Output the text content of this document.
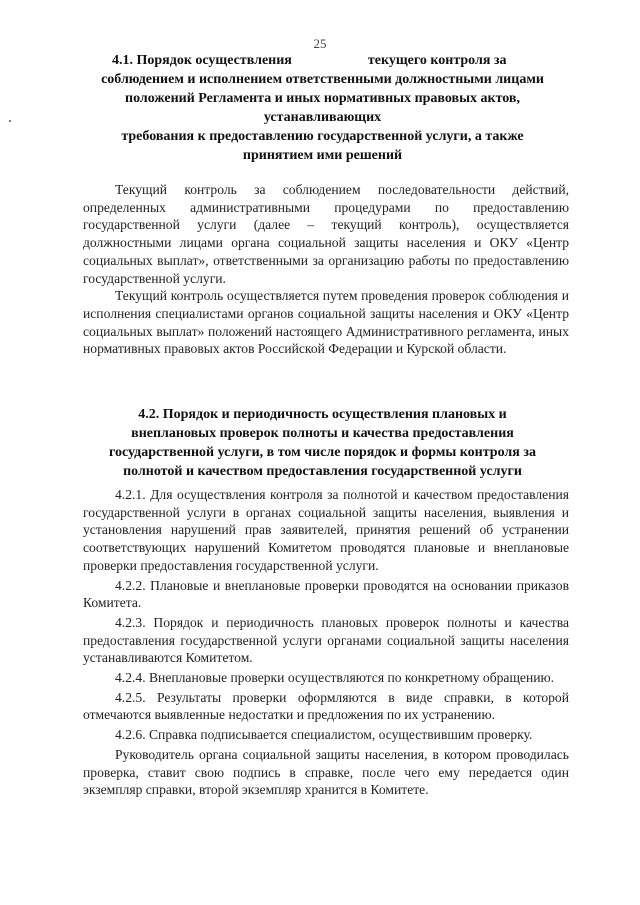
25
4.1. Порядок осуществления	текущего контроля за
соблюдением и исполнением ответственными должностными лицами
положений Регламента и иных нормативных правовых актов,
устанавливающих
требования к предоставлению государственной услуги, а также
принятием ими решений

Текущий контроль за соблюдением последовательности действий, определенных административными процедурами по предоставлению государственной услуги (далее – текущий контроль), осуществляется должностными лицами органа социальной защиты населения и ОКУ «Центр социальных выплат», ответственными за организацию работы по предоставлению государственной услуги.

Текущий контроль осуществляется путем проведения проверок соблюдения и исполнения специалистами органов социальной защиты населения и ОКУ «Центр социальных выплат» положений настоящего Административного регламента, иных нормативных правовых актов Российской Федерации и Курской области.

4.2. Порядок и периодичность осуществления плановых и
внеплановых проверок полноты и качества предоставления
государственной услуги, в том числе порядок и формы контроля за
полнотой и качеством предоставления государственной услуги

4.2.1. Для осуществления контроля за полнотой и качеством предоставления государственной услуги в органах социальной защиты населения, выявления и установления нарушений прав заявителей, принятия решений об устранении соответствующих нарушений Комитетом проводятся плановые и внеплановые проверки предоставления государственной услуги.

4.2.2. Плановые и внеплановые проверки проводятся на основании приказов Комитета.

4.2.3. Порядок и периодичность плановых проверок полноты и качества предоставления государственной услуги органами социальной защиты населения устанавливаются Комитетом.

4.2.4. Внеплановые проверки осуществляются по конкретному обращению.

4.2.5. Результаты проверки оформляются в виде справки, в которой отмечаются выявленные недостатки и предложения по их устранению.

4.2.6. Справка подписывается специалистом, осуществившим проверку.

Руководитель органа социальной защиты населения, в котором проводилась проверка, ставит свою подпись в справке, после чего ему передается один экземпляр справки, второй экземпляр хранится в Комитете.
